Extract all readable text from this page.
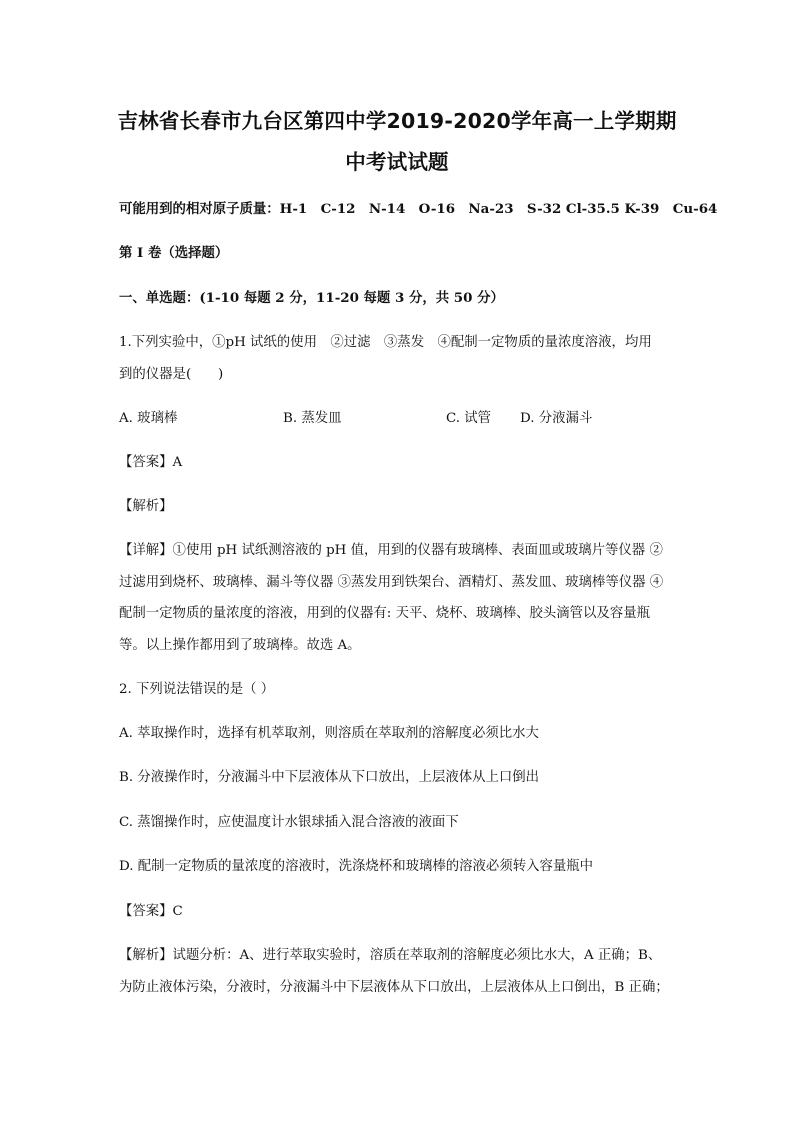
吉林省长春市九台区第四中学2019-2020学年高一上学期期
中考试试题
可能用到的相对原子质量：H-1　C-12　N-14　O-16　Na-23　S-32 Cl-35.5 K-39　Cu-64
第 I 卷（选择题）
一、单选题：(1-10 每题 2 分，11-20 每题 3 分，共 50 分）
1.下列实验中，①pH 试纸的使用　②过滤　③蒸发　④配制一定物质的量浓度溶液，均用
到的仪器是(　　)
A. 玻璃棒	B. 蒸发皿	C. 试管 D. 分液漏斗
【答案】A
【解析】
【详解】①使用 pH 试纸测溶液的 pH 值，用到的仪器有玻璃棒、表面皿或玻璃片等仪器 ②
过滤用到烧杯、玻璃棒、漏斗等仪器 ③蒸发用到铁架台、酒精灯、蒸发皿、玻璃棒等仪器 ④
配制一定物质的量浓度的溶液，用到的仪器有: 天平、烧杯、玻璃棒、胶头滴管以及容量瓶
等。以上操作都用到了玻璃棒。故选 A。
2. 下列说法错误的是（ ）
A. 萃取操作时，选择有机萃取剂，则溶质在萃取剂的溶解度必须比水大
B. 分液操作时，分液漏斗中下层液体从下口放出，上层液体从上口倒出
C. 蒸馏操作时，应使温度计水银球插入混合溶液的液面下
D. 配制一定物质的量浓度的溶液时，洗涤烧杯和玻璃棒的溶液必须转入容量瓶中
【答案】C
【解析】试题分析：A、进行萃取实验时，溶质在萃取剂的溶解度必须比水大，A 正确；B、
为防止液体污染，分液时，分液漏斗中下层液体从下口放出，上层液体从上口倒出，B 正确；
